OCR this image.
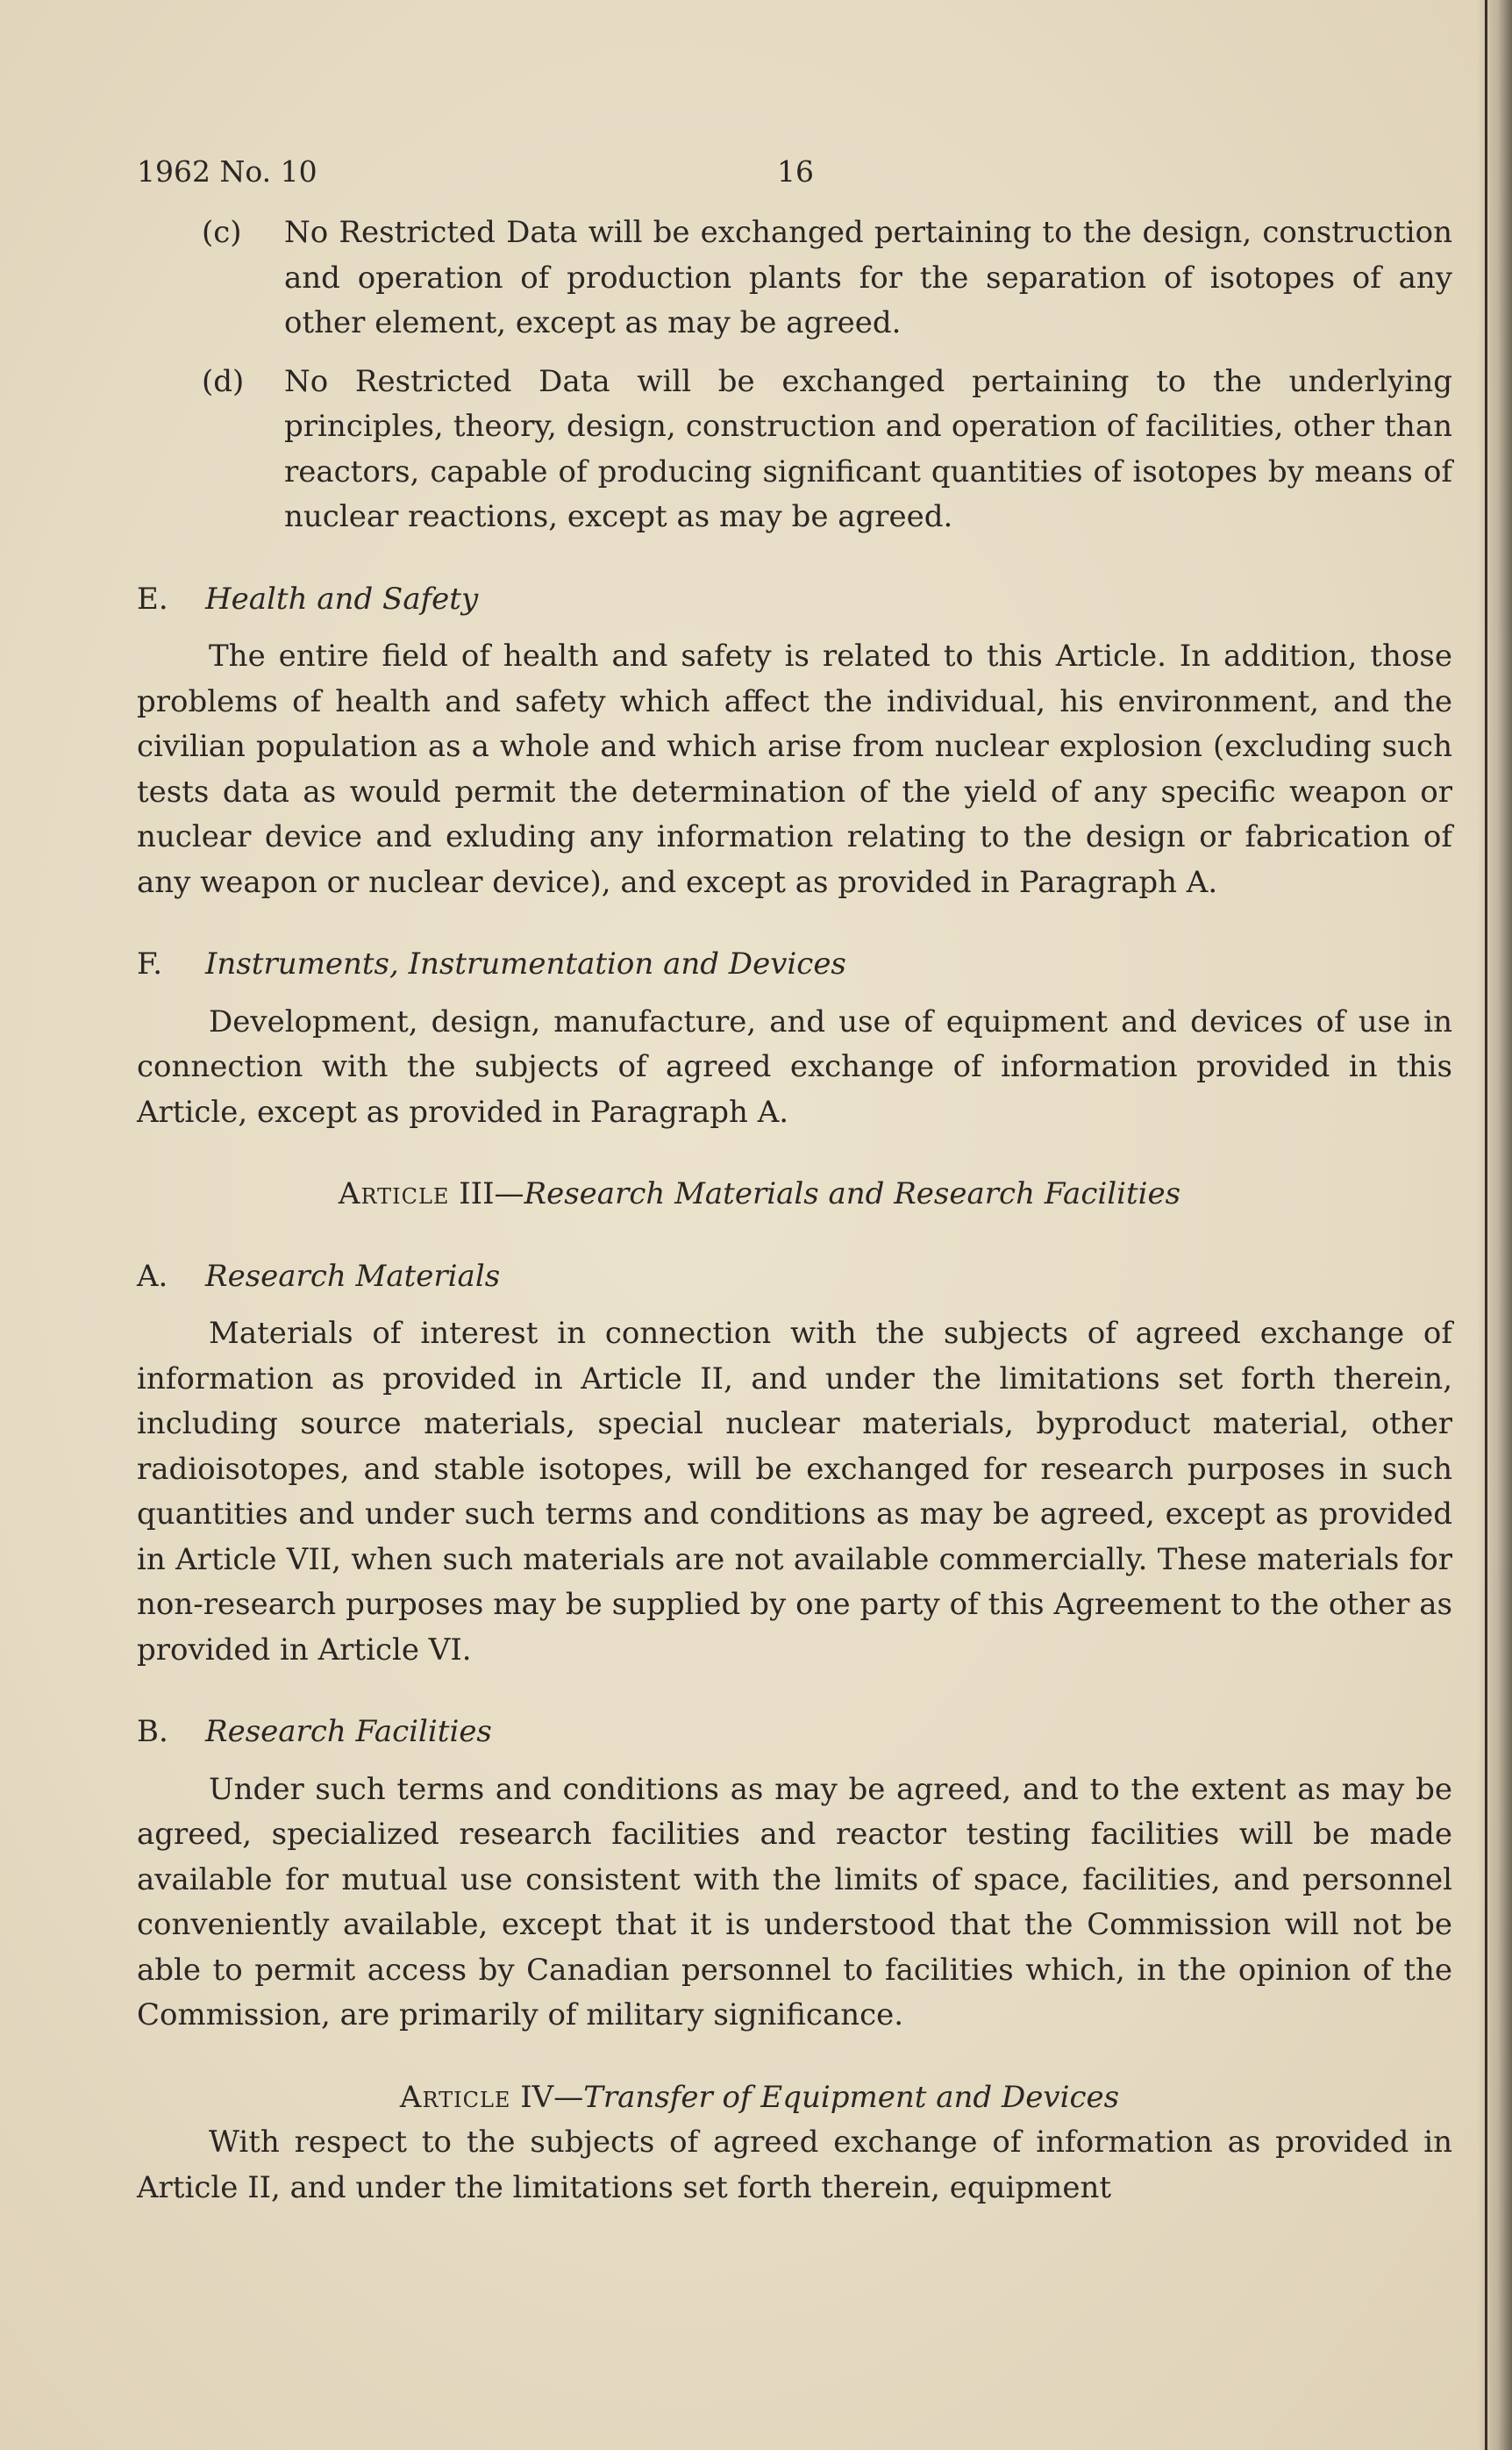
1962 No. 10	16
(c) No Restricted Data will be exchanged pertaining to the design, construction and operation of production plants for the separation of isotopes of any other element, except as may be agreed.

(d) No Restricted Data will be exchanged pertaining to the underlying principles, theory, design, construction and operation of facilities, other than reactors, capable of producing significant quantities of isotopes by means of nuclear reactions, except as may be agreed.

E. Health and Safety

The entire field of health and safety is related to this Article. In addition, those problems of health and safety which affect the individual, his environment, and the civilian population as a whole and which arise from nuclear explosion (excluding such tests data as would permit the determination of the yield of any specific weapon or nuclear device and exluding any information relating to the design or fabrication of any weapon or nuclear device), and except as provided in Paragraph A.

F. Instruments, Instrumentation and Devices

Development, design, manufacture, and use of equipment and devices of use in connection with the subjects of agreed exchange of information provided in this Article, except as provided in Paragraph A.

Article III—Research Materials and Research Facilities
A. Research Materials

Materials of interest in connection with the subjects of agreed exchange of information as provided in Article II, and under the limitations set forth therein, including source materials, special nuclear materials, byproduct material, other radioisotopes, and stable isotopes, will be exchanged for research purposes in such quantities and under such terms and conditions as may be agreed, except as provided in Article VII, when such materials are not available commercially. These materials for non-research purposes may be supplied by one party of this Agreement to the other as provided in Article VI.

B. Research Facilities

Under such terms and conditions as may be agreed, and to the extent as may be agreed, specialized research facilities and reactor testing facilities will be made available for mutual use consistent with the limits of space, facilities, and personnel conveniently available, except that it is understood that the Commission will not be able to permit access by Canadian personnel to facilities which, in the opinion of the Commission, are primarily of military significance.

Article IV—Transfer of Equipment and Devices

With respect to the subjects of agreed exchange of information as provided in Article II, and under the limitations set forth therein, equipment
